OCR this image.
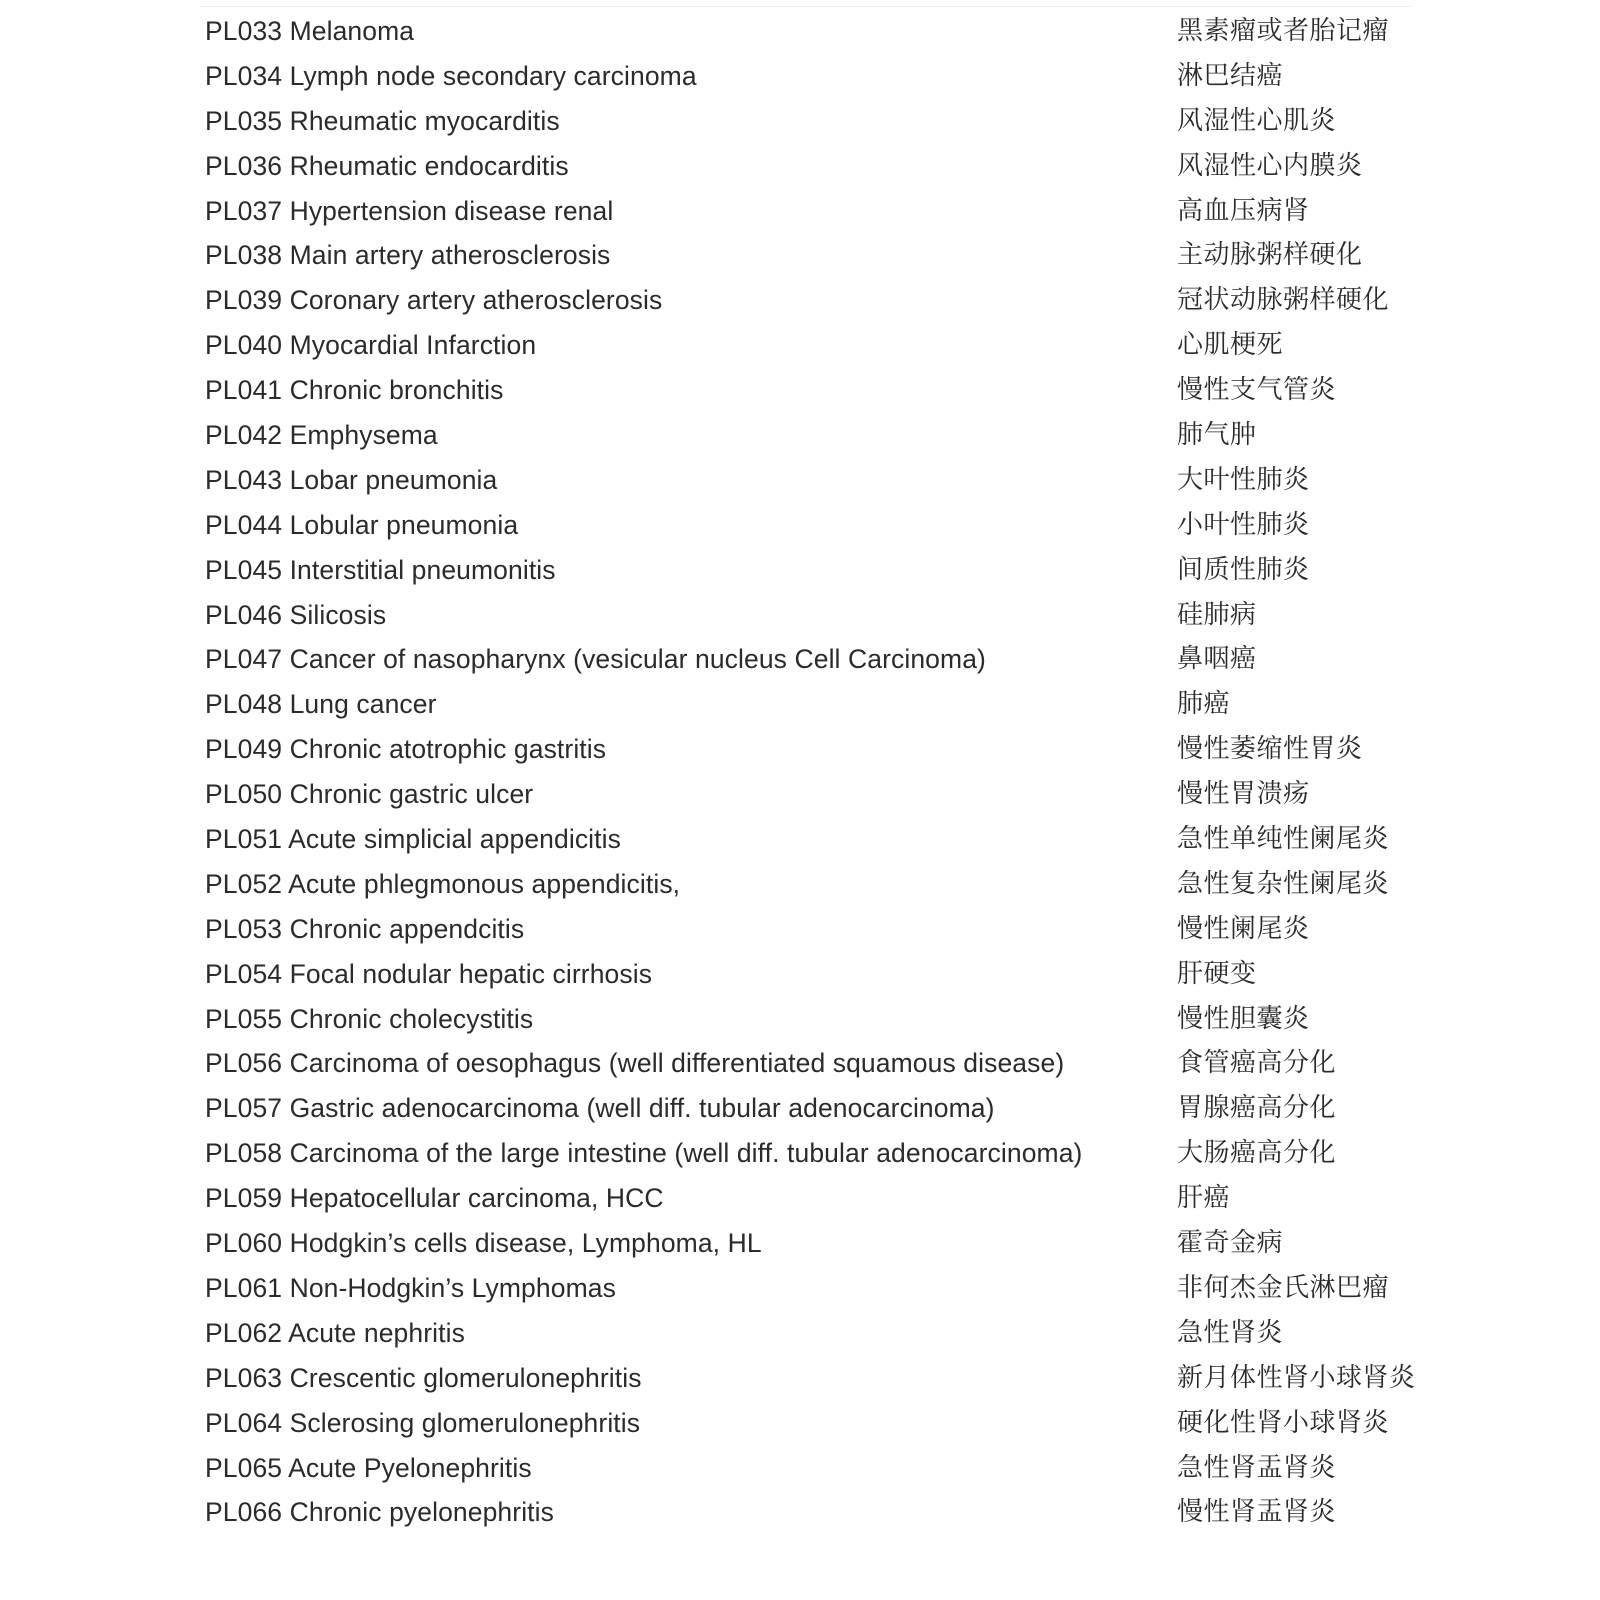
PL033 Melanoma	黑素瘤或者胎记瘤
PL034 Lymph node secondary carcinoma	淋巴结癌
PL035 Rheumatic myocarditis	风湿性心肌炎
PL036 Rheumatic endocarditis	风湿性心内膜炎
PL037 Hypertension disease renal	高血压病肾
PL038 Main artery atherosclerosis	主动脉粥样硬化
PL039 Coronary artery atherosclerosis	冠状动脉粥样硬化
PL040 Myocardial Infarction	心肌梗死
PL041 Chronic bronchitis	慢性支气管炎
PL042 Emphysema	肺气肿
PL043 Lobar pneumonia	大叶性肺炎
PL044 Lobular pneumonia	小叶性肺炎
PL045 Interstitial pneumonitis	间质性肺炎
PL046 Silicosis	硅肺病
PL047 Cancer of nasopharynx (vesicular nucleus Cell Carcinoma)	鼻咽癌
PL048 Lung cancer	肺癌
PL049 Chronic atotrophic gastritis	慢性萎缩性胃炎
PL050 Chronic gastric ulcer	慢性胃溃疡
PL051 Acute simplicial appendicitis	急性单纯性阑尾炎
PL052 Acute phlegmonous appendicitis,	急性复杂性阑尾炎
PL053 Chronic appendcitis	慢性阑尾炎
PL054 Focal nodular hepatic cirrhosis	肝硬变
PL055 Chronic cholecystitis	慢性胆囊炎
PL056 Carcinoma of oesophagus (well differentiated squamous disease)	食管癌高分化
PL057 Gastric adenocarcinoma (well diff. tubular adenocarcinoma)	胃腺癌高分化
PL058 Carcinoma of the large intestine (well diff. tubular adenocarcinoma)	大肠癌高分化
PL059 Hepatocellular carcinoma, HCC	肝癌
PL060 Hodgkin’s cells disease, Lymphoma, HL	霍奇金病
PL061 Non-Hodgkin’s Lymphomas	非何杰金氏淋巴瘤
PL062 Acute nephritis	急性肾炎
PL063 Crescentic glomerulonephritis	新月体性肾小球肾炎
PL064 Sclerosing glomerulonephritis	硬化性肾小球肾炎
PL065 Acute Pyelonephritis	急性肾盂肾炎
PL066 Chronic pyelonephritis	慢性肾盂肾炎
